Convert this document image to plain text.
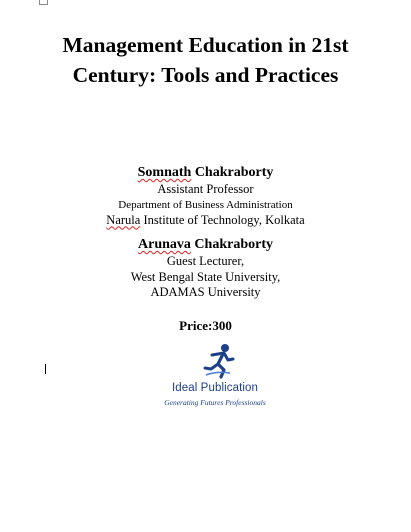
Management Education in 21st
Century: Tools and Practices
Somnath Chakraborty
Assistant Professor
Department of Business Administration
Narula Institute of Technology, Kolkata
Arunava Chakraborty
Guest Lecturer,
West Bengal State University,
ADAMAS University
Price:300
Ideal Publication
Generating Futures Professionals
